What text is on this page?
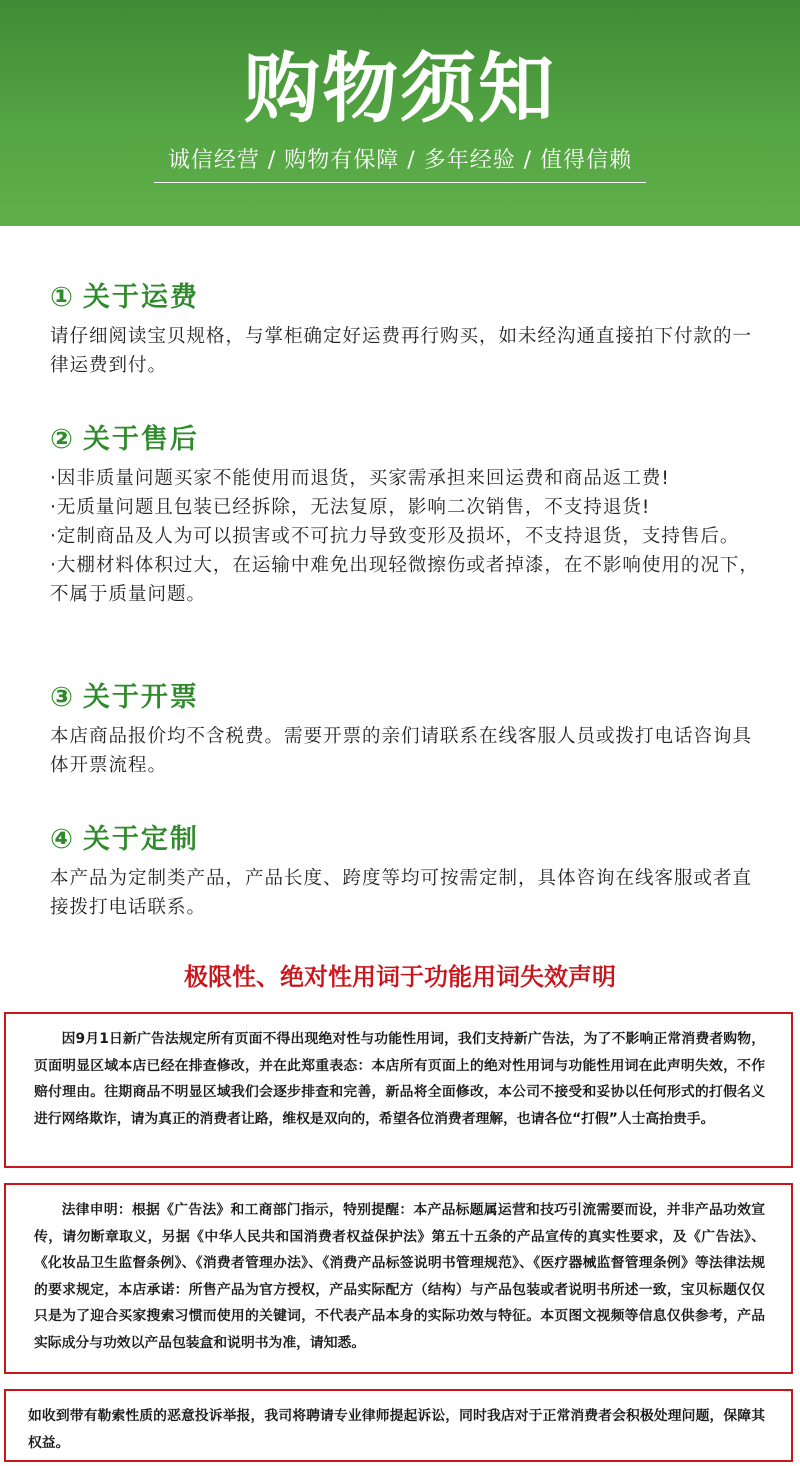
购物须知
诚信经营 / 购物有保障 / 多年经验 / 值得信赖
① 关于运费

请仔细阅读宝贝规格，与掌柜确定好运费再行购买，如未经沟通直接拍下付款的一律运费到付。

② 关于售后

·因非质量问题买家不能使用而退货，买家需承担来回运费和商品返工费!

·无质量问题且包装已经拆除，无法复原，影响二次销售，不支持退货!

·定制商品及人为可以损害或不可抗力导致变形及损坏，不支持退货，支持售后。

·大棚材料体积过大，在运输中难免出现轻微擦伤或者掉漆，在不影响使用的况下，不属于质量问题。

③ 关于开票

本店商品报价均不含税费。需要开票的亲们请联系在线客服人员或拨打电话咨询具体开票流程。

④ 关于定制

本产品为定制类产品，产品长度、跨度等均可按需定制，具体咨询在线客服或者直接拨打电话联系。

极限性、绝对性用词于功能用词失效声明

因9月1日新广告法规定所有页面不得出现绝对性与功能性用词，我们支持新广告法，为了不影响正常消费者购物，页面明显区域本店已经在排查修改，并在此郑重表态：本店所有页面上的绝对性用词与功能性用词在此声明失效，不作赔付理由。往期商品不明显区域我们会逐步排查和完善，新品将全面修改，本公司不接受和妥协以任何形式的打假名义进行网络欺诈，请为真正的消费者让路，维权是双向的，希望各位消费者理解，也请各位“打假”人士高抬贵手。

法律申明：根据《广告法》和工商部门指示，特别提醒：本产品标题属运营和技巧引流需要而设，并非产品功效宣传，请勿断章取义，另据《中华人民共和国消费者权益保护法》第五十五条的产品宣传的真实性要求，及《广告法》、《化妆品卫生监督条例》、《消费者管理办法》、《消费产品标签说明书管理规范》、《医疗器械监督管理条例》等法律法规的要求规定，本店承诺：所售产品为官方授权，产品实际配方（结构）与产品包装或者说明书所述一致，宝贝标题仅仅只是为了迎合买家搜索习惯而使用的关键词，不代表产品本身的实际功效与特征。本页图文视频等信息仅供参考，产品实际成分与功效以产品包装盒和说明书为准，请知悉。

如收到带有勒索性质的恶意投诉举报，我司将聘请专业律师提起诉讼，同时我店对于正常消费者会积极处理问题，保障其权益。
